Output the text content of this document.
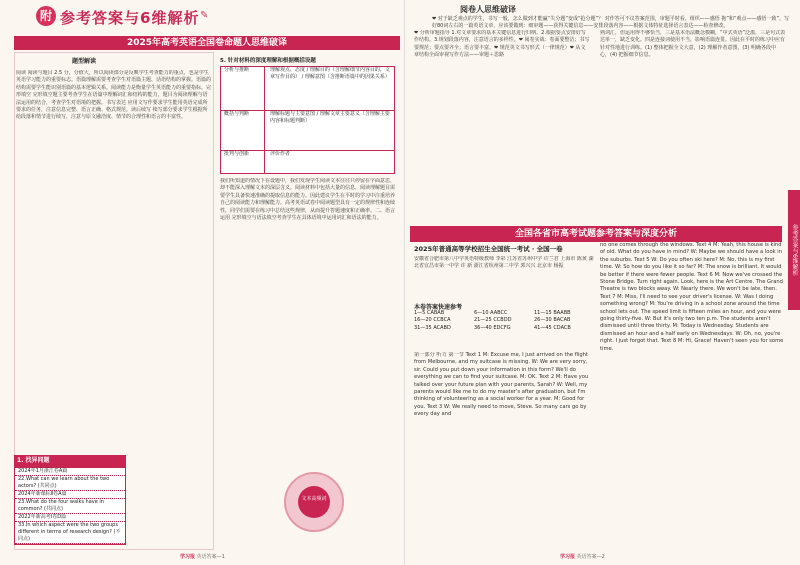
附 参考答案与6维解析 ✎
阅卷人思维破译
❤ 对于缺乏观点的学生，书写一般，怎么做到才能赢“失分题”变成“抢分题”？ 对作答可不议答案范围，审题平时看，组织——感悟 拖”和“观点——感悟一致”。写好80词左右的一篇英语文章，应该要做到：细审题——获得关键信息——安排段落内容——根据文体特征选择语言表达——检查修改。
2025年高考英语全国卷命题人思维破译
题型解读
阅读 阅读与题目 2.5 分，分值大，所以阅读部分是反映学生考查能力的重点，也是学生英语学习能力的重要标志。语篇理解需要考查学生对语篇主题、话语结构的掌握。语篇的结构需要学生能识别语篇的基本逻辑关系。阅读能力是衡量学生英语能力的重要指标。完形填空 完形填空题主要考查学生在语篇中理解词汇和结构的能力，题目为阅读理解与语法运用的结合，考查学生对语境的把握。书写表达 应用文写作要求学生能用英语完成所要求的任务，注意信息完整、语言正确、格式规范。读后续写 续写部分要求学生根据所给段落和情节进行续写，注意与原文融洽度、情节的合理性和语言的丰富性。
1. 找异同题
2024年1月浙江卷A篇
22.What can we learn about the two actors? (共同点)
2024年新课标Ⅱ卷A篇
23.What do the four walks have in common? (共同点)
2022年新高考Ⅰ卷D篇
33.In which aspect were the two groups different in terms of research design? (不同点)
5. 针对材料的深度理解和根据概括设题
分析与推断	理解观点、态度 / 理解目的（含理解细节内容目的，文章写作目的） / 理解意图（含推断语篇中的因果关系）
概括与判断	理解标题与主要意图 / 理解文章主要意义（含理解主要内容和标题判断）
批判与创新	评价作者
我们所知道的情况下在设题中，我们发现学生阅读文本往往只停留在字面意思，却不能深入理解文本的深层含义。阅读材料中包括大量的信息，阅读理解题目需要学生具备快速准确的提取信息的能力。因此建议学生在平时的学习中注重培养自己的阅读能力和理解能力。高考英语试卷中阅读题型具有一定的规律性和连续性，同学们需要在练习中总结这些规律，从而提升答题速度和正确率。二、语言运用 完形填空与语法填空考查学生在具体语境中运用词汇和语法的能力。
文本高频词
❤ 分析审题指导 1.对文章要求的基本关键信息进行归纳。2.根据要点安排好写作结构。3.规划段落内容，注意语言的多样性。❤ 阅卷实战：卷面要整洁；书写要规范；要点要齐全；语言要丰富。❤ 规范英文书写形式（一律规范）❤ 从文章结构全面审视写作方法——审题＋思路
熟词汇，但运用得不够恰当，三是基本语法概念模糊，“中式英语”泛滥，三是句式表达单一，缺乏变化。四是连接词使用不当，影响语篇连贯。因此在平时的练习中应有针对性地进行训练。(1) 整体把握全文大意，(2) 理解作者意图，(3) 明确各段中心，(4) 把握细节信息。
全国各省市高考试题参考答案与深度分析
2025年普通高等学校招生全国统一考试 · 全国一卷
安徽省合肥市第八中学英语特级教师 李彩 江苏省苏州中学 许兰君 上海市 陈黄 湖北省宜昌市第一中学 许 新 浙江省杭州第二中学 郭兴兴 北京市 杨振
本卷答案快速参考
1—5 CABAB	6—10 AABCC	11—15 BAABB
16—20 CCBCA	21—25 CCBDD	26—30 BACAB
31—35 ACABD	36—40 EDCFG	41—45 CDACB
第一部分 听力 第一节 Text 1 M: Excuse me, I just arrived on the flight from Melbourne, and my suitcase is missing. W: We are very sorry, sir. Could you put down your information in this form? We'll do everything we can to find your suitcase. M: OK. Text 2 M: Have you talked over your future plan with your parents, Sarah? W: Well, my parents would like me to do my master's after graduation, but I'm thinking of volunteering as a social worker for a year. M: Good for you. Text 3 W: We really need to move, Steve. So many cars go by every day and
no one comes through the windows. Text 4 M: Yeah, this house is kind of old. What do you have in mind? W: Maybe we should have a look in the suburbs. Text 5 W: Do you often ski here? M: No, this is my first time. W: So how do you like it so far? M: The snow is brilliant. It would be better if there were fewer people. Text 6 M: Now we've crossed the Stone Bridge. Turn right again. Look, here is the Art Centre. The Grand Theatre is two blocks away. W: Nearly there. We won't be late, then. Text 7 M: Miss, I'll need to see your driver's license. W: Was I doing something wrong? M: You're driving in a school zone around the time school lets out. The speed limit is fifteen miles an hour, and you were going thirty-five. W: But it's only two ten p.m. The students aren't dismissed until three thirty. M: Today is Wednesday. Students are dismissed an hour and a half early on Wednesdays. W: Oh, no, you're right. I just forgot that. Text 8 M: Hi, Grace! Haven't seen you for some time.
参考答案与6维解析
学习报 英语答案—1	学习报 英语答案—2
